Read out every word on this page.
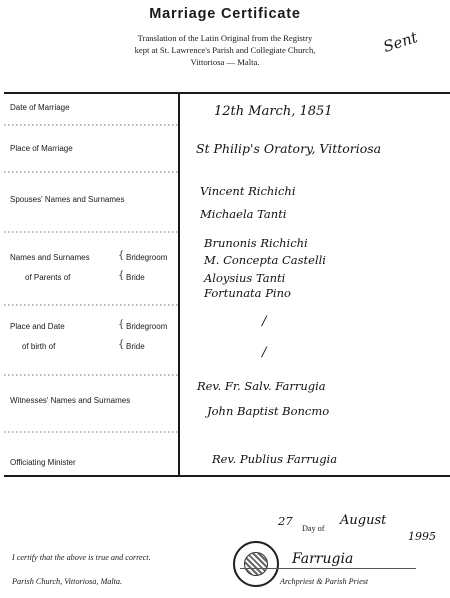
Marriage Certificate
Translation of the Latin Original from the Registry
kept at St. Lawrence's Parish and Collegiate Church,
Vittoriosa — Malta.
Sent
Date of Marriage
Place of Marriage
Spouses' Names and Surnames
Names and Surnames
of Parents of
{
{
Bridegroom
Bride
Place and Date
of birth of
{
{
Bridegroom
Bride
Witnesses' Names and Surnames
Officiating Minister
12th March, 1851
St Philip's Oratory, Vittoriosa
Vincent Richichi
Michaela Tanti
Brunonis Richichi
M. Concepta Castelli
Aloysius Tanti
Fortunata Pino
/
/
Rev. Fr. Salv. Farrugia
John Baptist Boncmo
Rev. Publius Farrugia
27
Day of
August
1995
I certify that the above is true and correct.
Parish Church, Vittoriosa, Malta.
Farrugia
Archpriest & Parish Priest
